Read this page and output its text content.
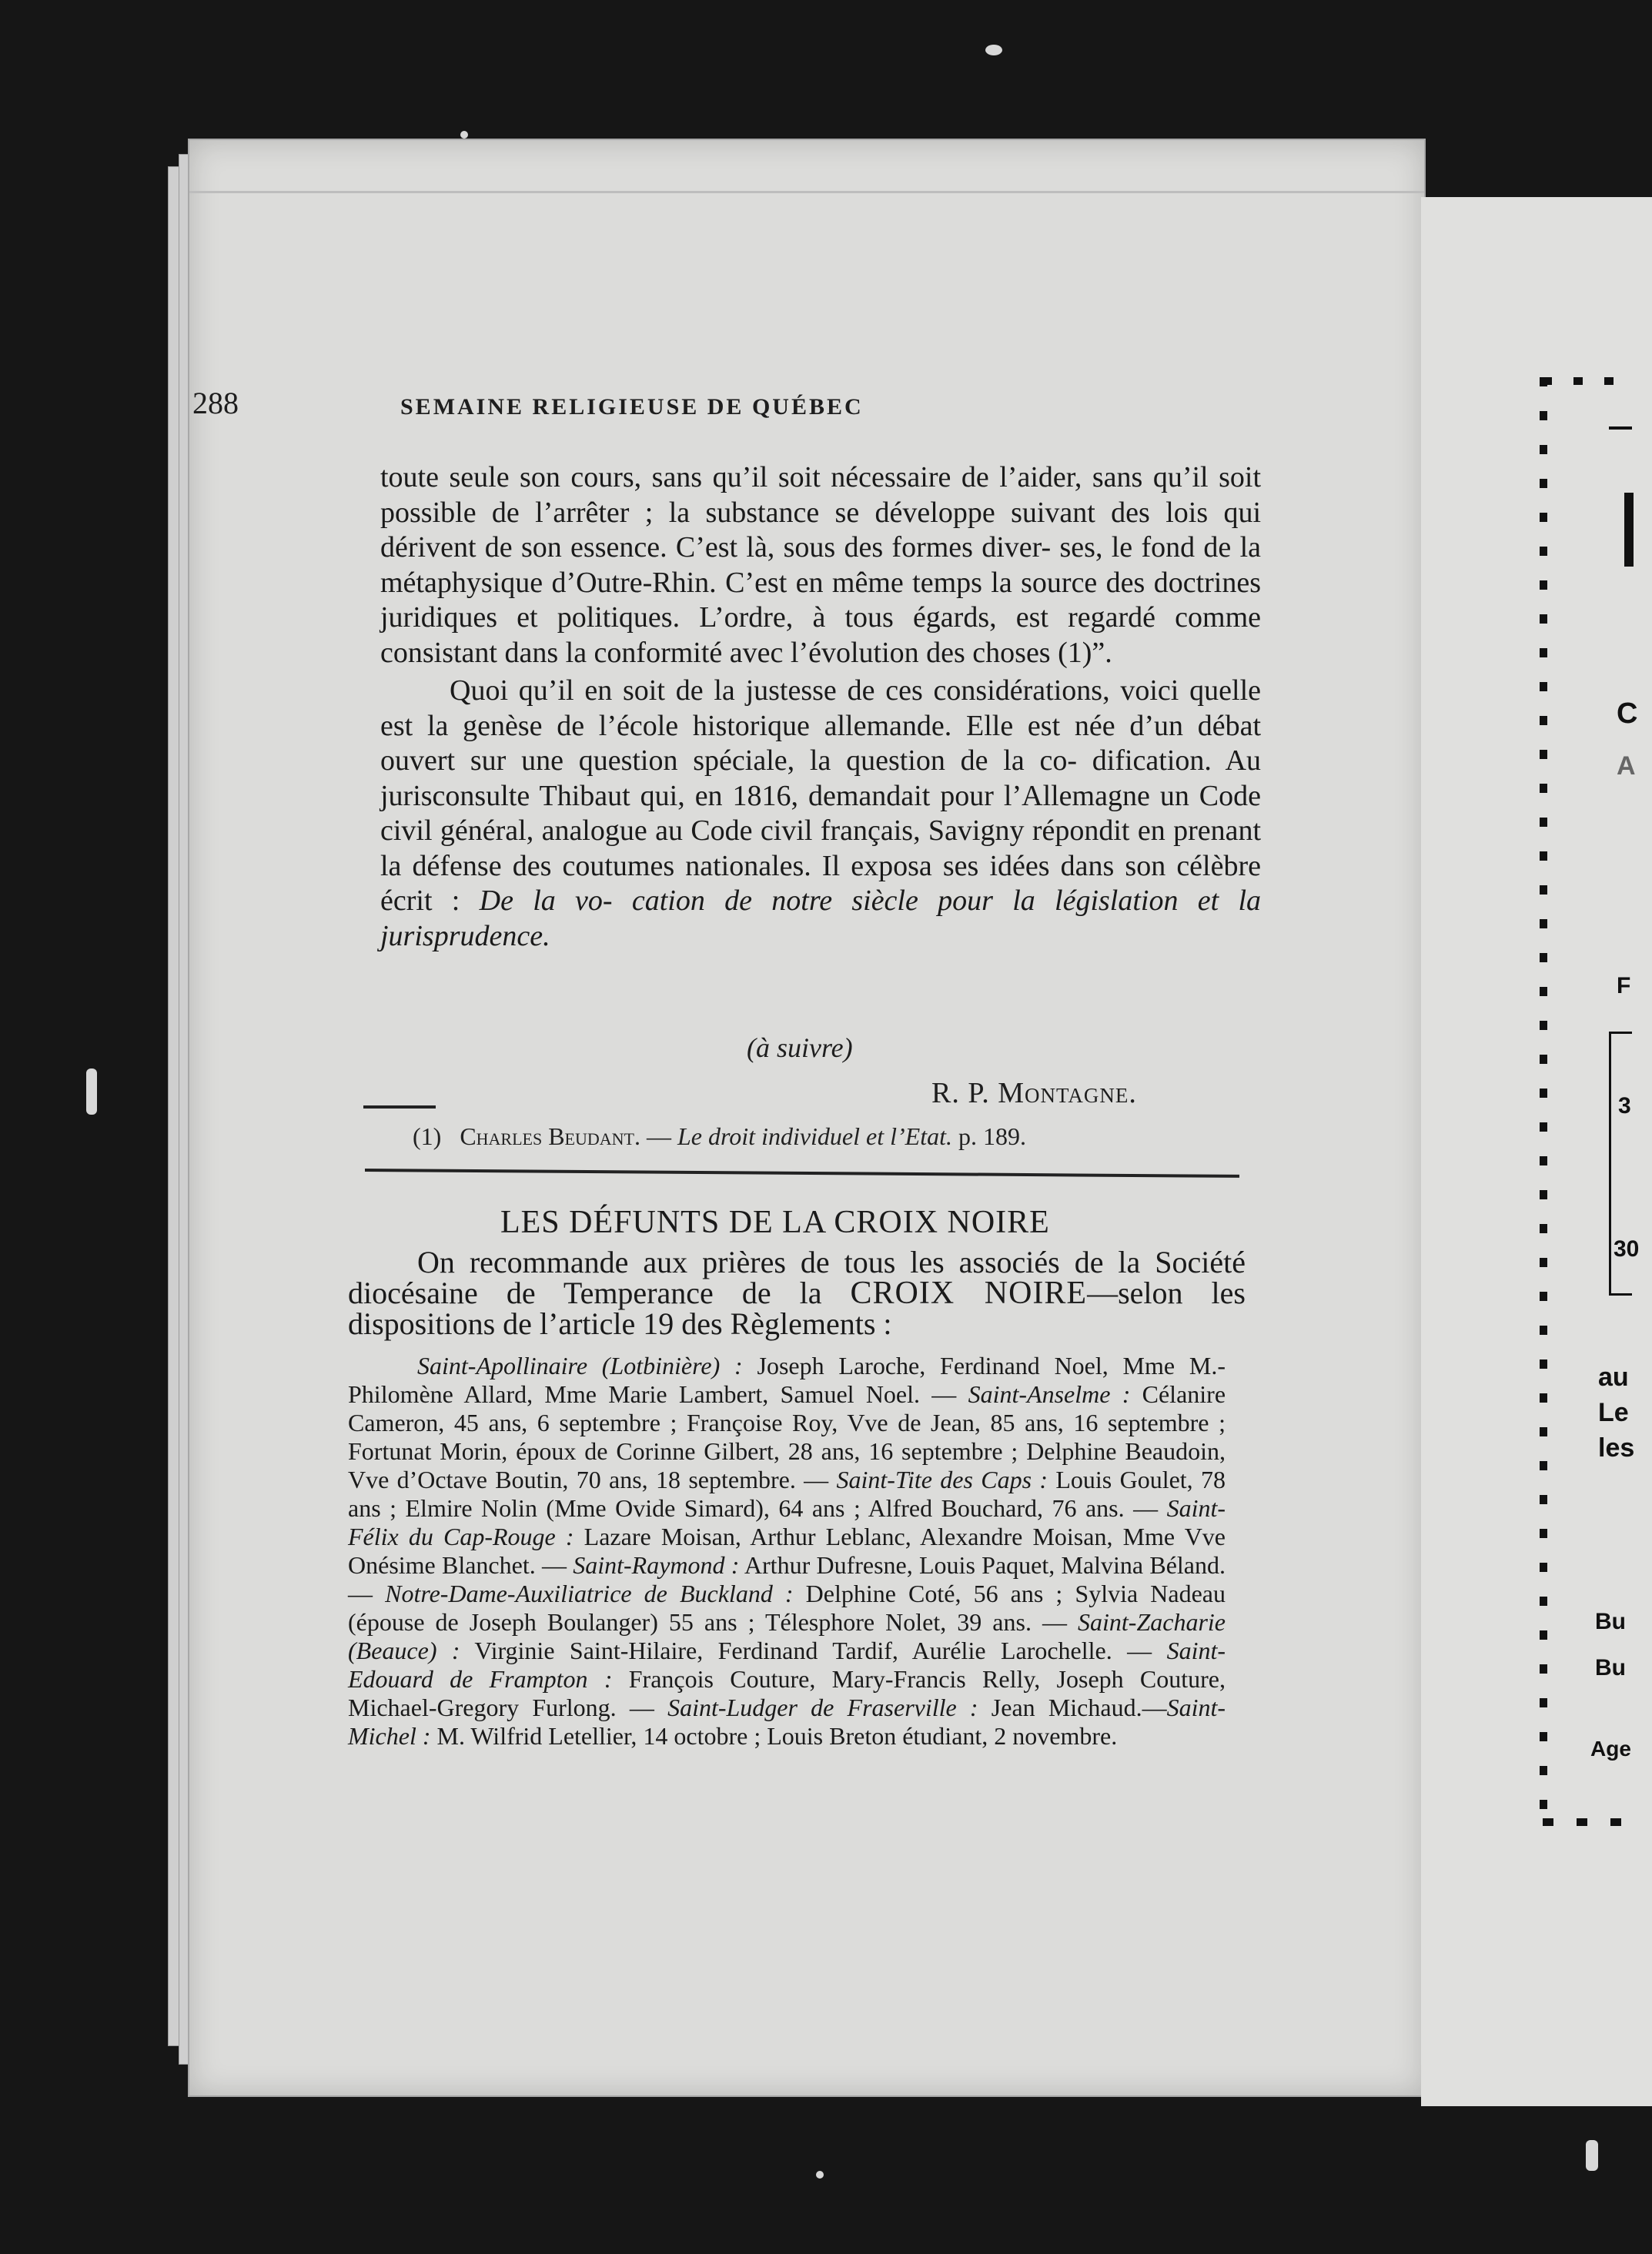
288	SEMAINE RELIGIEUSE DE QUÉBEC

toute seule son cours, sans qu’il soit nécessaire de l’aider, sans qu’il soit possible de l’arrêter ; la substance se développe suivant des lois qui dérivent de son essence. C’est là, sous des formes diver- ses, le fond de la métaphysique d’Outre-Rhin. C’est en même temps la source des doctrines juridiques et politiques. L’ordre, à tous égards, est regardé comme consistant dans la conformité avec l’évolution des choses (1)”.

Quoi qu’il en soit de la justesse de ces considérations, voici quelle est la genèse de l’école historique allemande. Elle est née d’un débat ouvert sur une question spéciale, la question de la co- dification. Au jurisconsulte Thibaut qui, en 1816, demandait pour l’Allemagne un Code civil général, analogue au Code civil français, Savigny répondit en prenant la défense des coutumes nationales. Il exposa ses idées dans son célèbre écrit : De la vo- cation de notre siècle pour la législation et la jurisprudence.

(à suivre)
R. P. Montagne.
(1) Charles Beudant. — Le droit individuel et l’Etat. p. 189.
LES DÉFUNTS DE LA CROIX NOIRE
On recommande aux prières de tous les associés de la Société diocésaine de Temperance de la CROIX NOIRE—selon les dispositions de l’article 19 des Règlements :
Saint-Apollinaire (Lotbinière) : Joseph Laroche, Ferdinand Noel, Mme M.-Philomène Allard, Mme Marie Lambert, Samuel Noel. — Saint-Anselme : Célanire Cameron, 45 ans, 6 septembre ; Françoise Roy, Vve de Jean, 85 ans, 16 septembre ; Fortunat Morin, époux de Corinne Gilbert, 28 ans, 16 septembre ; Delphine Beaudoin, Vve d’Octave Boutin, 70 ans, 18 septembre. — Saint-Tite des Caps : Louis Goulet, 78 ans ; Elmire Nolin (Mme Ovide Simard), 64 ans ; Alfred Bouchard, 76 ans. — Saint-Félix du Cap-Rouge : Lazare Moisan, Arthur Leblanc, Alexandre Moisan, Mme Vve Onésime Blanchet. — Saint-Raymond : Arthur Dufresne, Louis Paquet, Malvina Béland. — Notre-Dame-Auxiliatrice de Buckland : Delphine Coté, 56 ans ; Sylvia Nadeau (épouse de Joseph Boulanger) 55 ans ; Télesphore Nolet, 39 ans. — Saint-Zacharie (Beauce) : Virginie Saint-Hilaire, Ferdinand Tardif, Aurélie Larochelle. — Saint-Edouard de Frampton : François Couture, Mary-Francis Relly, Joseph Couture, Michael-Gregory Furlong. — Saint-Ludger de Fraserville : Jean Michaud.—Saint-Michel : M. Wilfrid Letellier, 14 octobre ; Louis Breton étudiant, 2 novembre.
C
A
F
3
30
au
Le
les
Bu
Bu
Age
